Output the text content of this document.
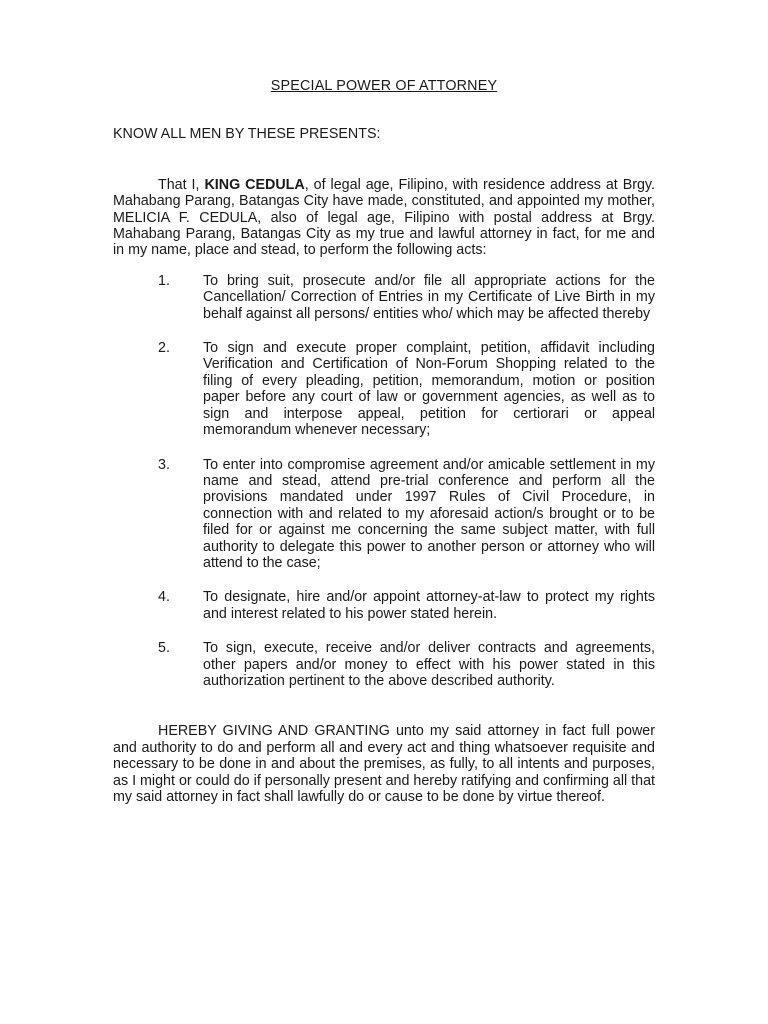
SPECIAL POWER OF ATTORNEY
KNOW ALL MEN BY THESE PRESENTS:

That I, KING CEDULA, of legal age, Filipino, with residence address at Brgy. Mahabang Parang, Batangas City have made, constituted, and appointed my mother, MELICIA F. CEDULA, also of legal age, Filipino with postal address at Brgy. Mahabang Parang, Batangas City as my true and lawful attorney in fact, for me and in my name, place and stead, to perform the following acts:

1. To bring suit, prosecute and/or file all appropriate actions for the Cancellation/ Correction of Entries in my Certificate of Live Birth in my behalf against all persons/ entities who/ which may be affected thereby
2. To sign and execute proper complaint, petition, affidavit including Verification and Certification of Non-Forum Shopping related to the filing of every pleading, petition, memorandum, motion or position paper before any court of law or government agencies, as well as to sign and interpose appeal, petition for certiorari or appeal memorandum whenever necessary;
3. To enter into compromise agreement and/or amicable settlement in my name and stead, attend pre-trial conference and perform all the provisions mandated under 1997 Rules of Civil Procedure, in connection with and related to my aforesaid action/s brought or to be filed for or against me concerning the same subject matter, with full authority to delegate this power to another person or attorney who will attend to the case;
4. To designate, hire and/or appoint attorney-at-law to protect my rights and interest related to his power stated herein.
5. To sign, execute, receive and/or deliver contracts and agreements, other papers and/or money to effect with his power stated in this authorization pertinent to the above described authority.

HEREBY GIVING AND GRANTING unto my said attorney in fact full power and authority to do and perform all and every act and thing whatsoever requisite and necessary to be done in and about the premises, as fully, to all intents and purposes, as I might or could do if personally present and hereby ratifying and confirming all that my said attorney in fact shall lawfully do or cause to be done by virtue thereof.
